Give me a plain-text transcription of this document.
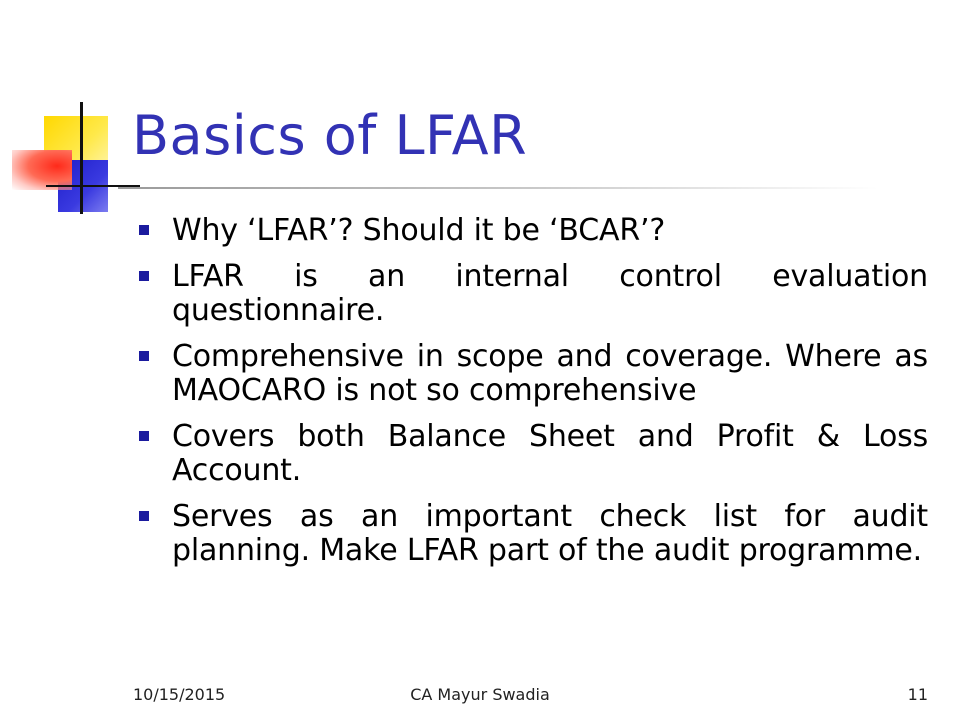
Basics of LFAR
Why ‘LFAR’? Should it be ‘BCAR’?
LFAR is an internal control evaluation questionnaire.
Comprehensive in scope and coverage. Where as MAOCARO is not so comprehensive
Covers both Balance Sheet and Profit & Loss Account.
Serves as an important check list for audit planning. Make LFAR part of the audit programme.
10/15/2015	CA Mayur Swadia	11
